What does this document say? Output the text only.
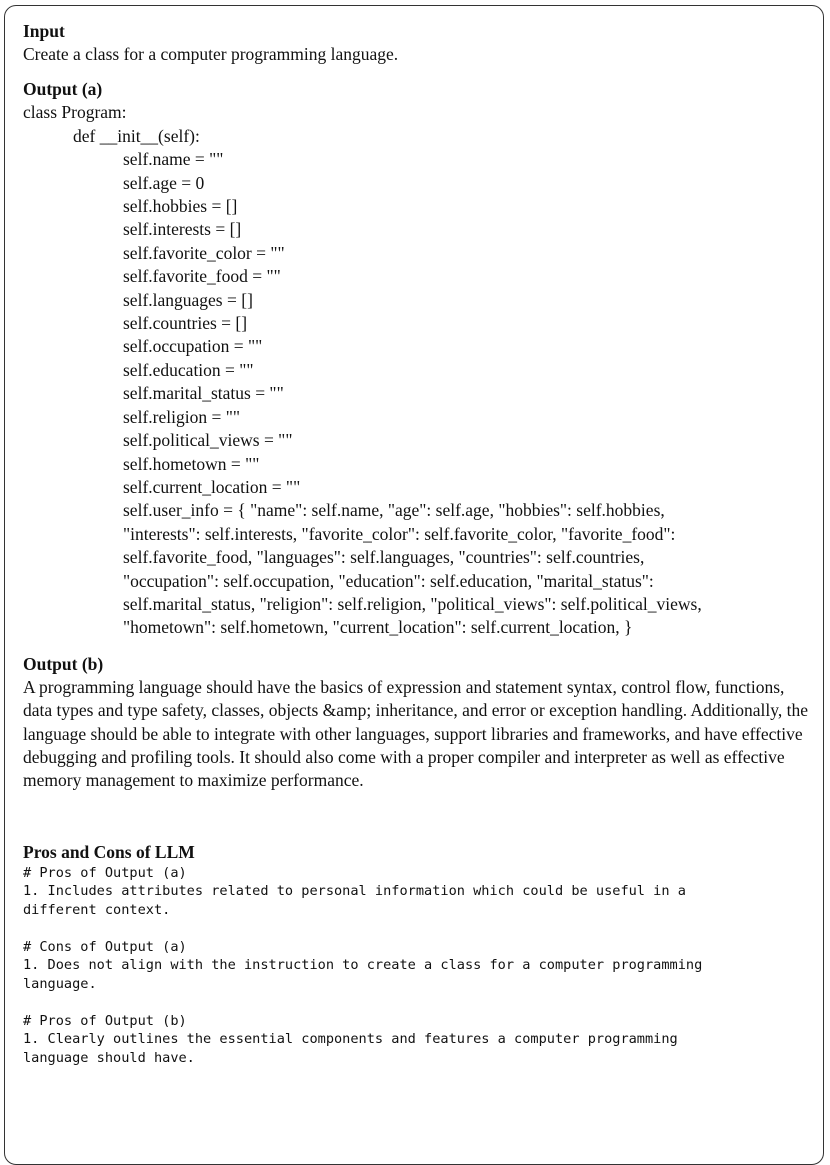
Input

Create a class for a computer programming language.

Output (a)

class Program:
def __init__(self):
self.name = ""
self.age = 0
self.hobbies = []
self.interests = []
self.favorite_color = ""
self.favorite_food = ""
self.languages = []
self.countries = []
self.occupation = ""
self.education = ""
self.marital_status = ""
self.religion = ""
self.political_views = ""
self.hometown = ""
self.current_location = ""
self.user_info = { "name": self.name, "age": self.age, "hobbies": self.hobbies,
"interests": self.interests, "favorite_color": self.favorite_color, "favorite_food":
self.favorite_food, "languages": self.languages, "countries": self.countries,
"occupation": self.occupation, "education": self.education, "marital_status":
self.marital_status, "religion": self.religion, "political_views": self.political_views,
"hometown": self.hometown, "current_location": self.current_location, }

Output (b)

A programming language should have the basics of expression and statement syntax, control flow, functions, data types and type safety, classes, objects &amp; inheritance, and error or exception handling. Additionally, the language should be able to integrate with other languages, support libraries and frameworks, and have effective debugging and profiling tools. It should also come with a proper compiler and interpreter as well as effective memory management to maximize performance.

Pros and Cons of LLM

# Pros of Output (a)
1. Includes attributes related to personal information which could be useful in a
different context.
# Cons of Output (a)
1. Does not align with the instruction to create a class for a computer programming
language.
# Pros of Output (b)
1. Clearly outlines the essential components and features a computer programming
language should have.
